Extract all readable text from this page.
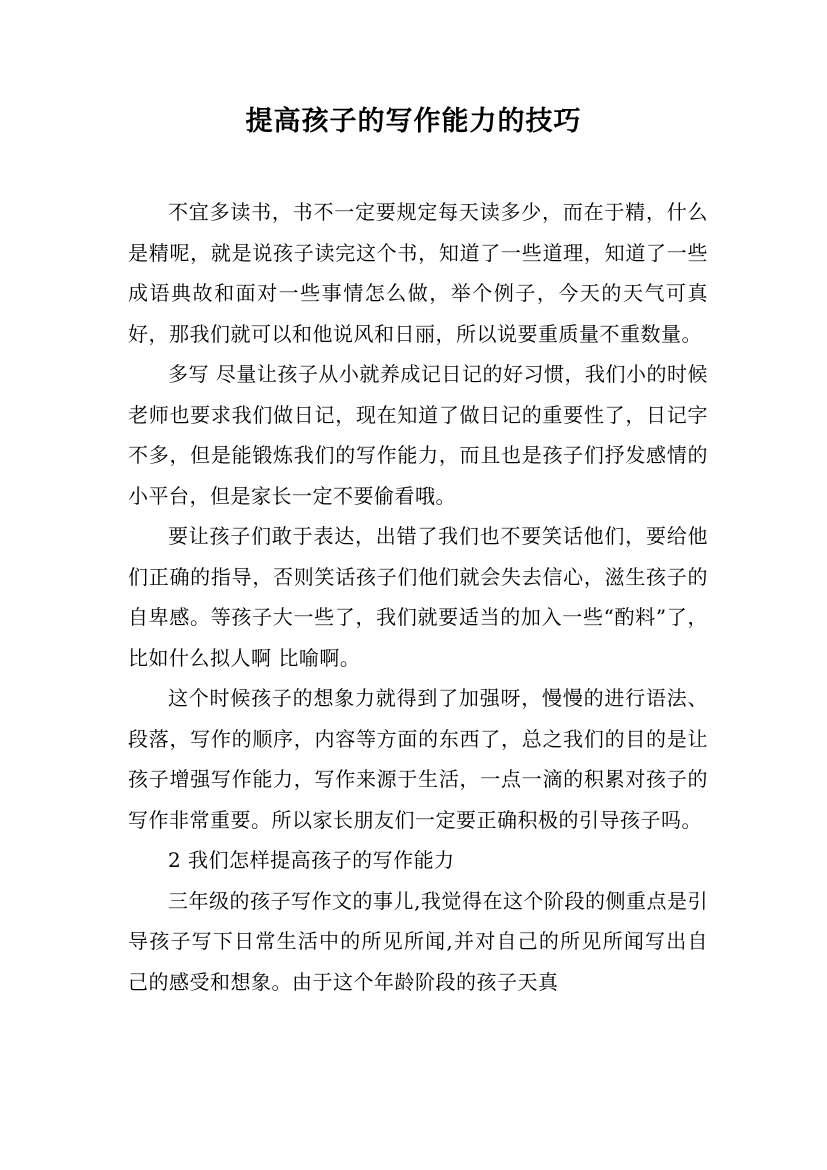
提高孩子的写作能力的技巧

不宜多读书，书不一定要规定每天读多少，而在于精，什么是精呢，就是说孩子读完这个书，知道了一些道理，知道了一些成语典故和面对一些事情怎么做，举个例子，今天的天气可真好，那我们就可以和他说风和日丽，所以说要重质量不重数量。

多写 尽量让孩子从小就养成记日记的好习惯，我们小的时候老师也要求我们做日记，现在知道了做日记的重要性了，日记字不多，但是能锻炼我们的写作能力，而且也是孩子们抒发感情的小平台，但是家长一定不要偷看哦。

要让孩子们敢于表达，出错了我们也不要笑话他们，要给他们正确的指导，否则笑话孩子们他们就会失去信心，滋生孩子的自卑感。等孩子大一些了，我们就要适当的加入一些“酌料”了，比如什么拟人啊 比喻啊。

这个时候孩子的想象力就得到了加强呀，慢慢的进行语法、段落，写作的顺序，内容等方面的东西了，总之我们的目的是让孩子增强写作能力，写作来源于生活，一点一滴的积累对孩子的写作非常重要。所以家长朋友们一定要正确积极的引导孩子吗。

2 我们怎样提高孩子的写作能力

三年级的孩子写作文的事儿,我觉得在这个阶段的侧重点是引导孩子写下日常生活中的所见所闻,并对自己的所见所闻写出自己的感受和想象。由于这个年龄阶段的孩子天真
